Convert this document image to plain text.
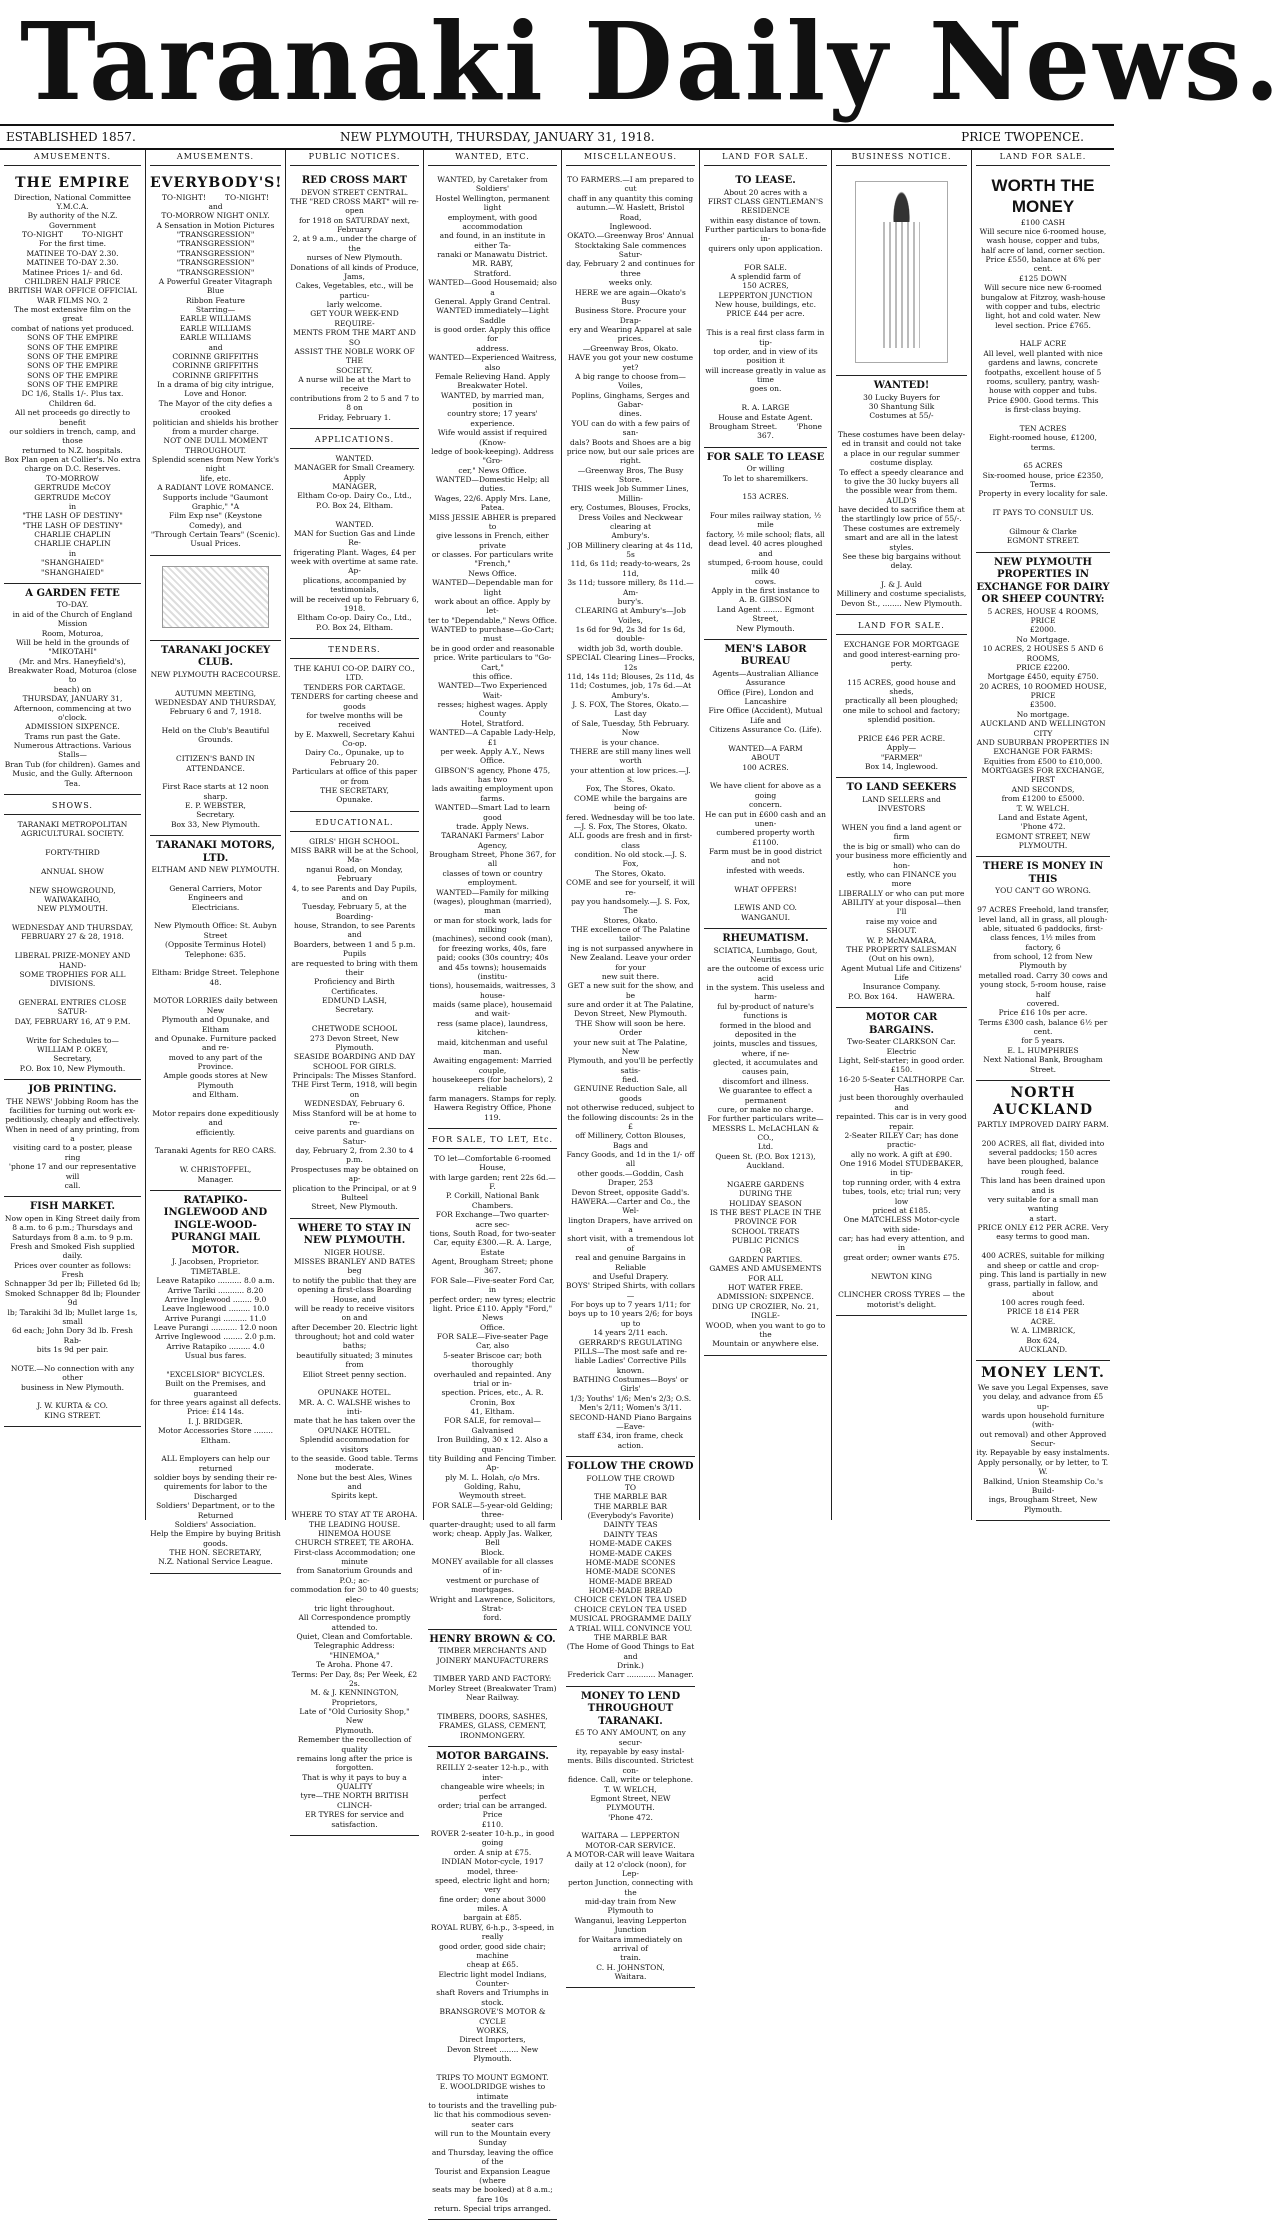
Taranaki Daily News.
ESTABLISHED 1857.	NEW PLYMOUTH, THURSDAY, JANUARY 31, 1918.	PRICE TWOPENCE.
AMUSEMENTS.
THE EMPIRE
Direction, National Committee Y.M.C.A.
By authority of the N.Z. Government
TO-NIGHT        TO-NIGHT
For the first time.
MATINEE TO-DAY 2.30.
MATINEE TO-DAY 2.30.
Matinee Prices 1/- and 6d.
CHILDREN HALF PRICE
BRITISH WAR OFFICE OFFICIAL
WAR FILMS NO. 2
The most extensive film on the great
combat of nations yet produced.
SONS OF THE EMPIRE
SONS OF THE EMPIRE
SONS OF THE EMPIRE
SONS OF THE EMPIRE
SONS OF THE EMPIRE
SONS OF THE EMPIRE
DC 1/6, Stalls 1/-. Plus tax.
Children 6d.
All net proceeds go directly to benefit
our soldiers in trench, camp, and those
returned to N.Z. hospitals.
Box Plan open at Collier's. No extra
charge on D.C. Reserves.
TO-MORROW
GERTRUDE McCOY
GERTRUDE McCOY
in
"THE LASH OF DESTINY"
"THE LASH OF DESTINY"
CHARLIE CHAPLIN
CHARLIE CHAPLIN
in
"SHANGHAIED"
"SHANGHAIED"
A GARDEN FETE
TO-DAY.
in aid of the Church of England Mission
Room, Moturoa,
Will be held in the grounds of
"MIKOTAHI"
(Mr. and Mrs. Haneyfield's),
Breakwater Road, Moturoa (close to
beach) on
THURSDAY, JANUARY 31,
Afternoon, commencing at two o'clock.
ADMISSION SIXPENCE.
Trams run past the Gate.
Numerous Attractions. Various Stalls—
Bran Tub (for children). Games and
Music, and the Gully. Afternoon Tea.
SHOWS.
TARANAKI METROPOLITAN
AGRICULTURAL SOCIETY.

FORTY-THIRD

ANNUAL SHOW

NEW SHOWGROUND, WAIWAKAIHO,
NEW PLYMOUTH.

WEDNESDAY AND THURSDAY,
FEBRUARY 27 & 28, 1918.

LIBERAL PRIZE-MONEY AND HAND-
SOME TROPHIES FOR ALL
DIVISIONS.

GENERAL ENTRIES CLOSE SATUR-
DAY, FEBRUARY 16, AT 9 P.M.

Write for Schedules to—
WILLIAM P. OKEY,
Secretary,
P.O. Box 10, New Plymouth.
JOB PRINTING.
THE NEWS' Jobbing Room has the
facilities for turning out work ex-
peditiously, cheaply and effectively.
When in need of any printing, from a
visiting card to a poster, please ring
'phone 17 and our representative will
call.
FISH MARKET.
Now open in King Street daily from
8 a.m. to 6 p.m.; Thursdays and
Saturdays from 8 a.m. to 9 p.m.
Fresh and Smoked Fish supplied daily.
Prices over counter as follows: Fresh
Schnapper 3d per lb; Filleted 6d lb;
Smoked Schnapper 8d lb; Flounder 9d
lb; Tarakihi 3d lb; Mullet large 1s, small
6d each; John Dory 3d lb. Fresh Rab-
bits 1s 9d per pair.

NOTE.—No connection with any other
business in New Plymouth.

J. W. KURTA & CO.
KING STREET.
AMUSEMENTS.
EVERYBODY'S!
TO-NIGHT!        TO-NIGHT!
and
TO-MORROW NIGHT ONLY.
A Sensation in Motion Pictures
"TRANSGRESSION"
"TRANSGRESSION"
"TRANSGRESSION"
"TRANSGRESSION"
"TRANSGRESSION"
A Powerful Greater Vitagraph Blue
Ribbon Feature
Starring—
EARLE WILLIAMS
EARLE WILLIAMS
EARLE WILLIAMS
and
CORINNE GRIFFITHS
CORINNE GRIFFITHS
CORINNE GRIFFITHS
In a drama of big city intrigue,
Love and Honor.
The Mayor of the city defies a crooked
politician and shields his brother
from a murder charge.
NOT ONE DULL MOMENT
THROUGHOUT.
Splendid scenes from New York's night
life, etc.
A RADIANT LOVE ROMANCE.
Supports include "Gaumont Graphic," "A
Film Exp nse" (Keystone Comedy), and
"Through Certain Tears" (Scenic).
Usual Prices.
TARANAKI JOCKEY CLUB.
NEW PLYMOUTH RACECOURSE.

AUTUMN MEETING,
WEDNESDAY AND THURSDAY,
February 6 and 7, 1918.

Held on the Club's Beautiful Grounds.

CITIZEN'S BAND IN ATTENDANCE.

First Race starts at 12 noon sharp.
E. P. WEBSTER,
Secretary.
Box 33, New Plymouth.
TARANAKI MOTORS, LTD.
ELTHAM AND NEW PLYMOUTH.

General Carriers, Motor Engineers and
Electricians.

New Plymouth Office: St. Aubyn Street
(Opposite Terminus Hotel)
Telephone: 635.

Eltham: Bridge Street. Telephone
48.

MOTOR LORRIES daily between New
Plymouth and Opunake, and Eltham
and Opunake. Furniture packed and re-
moved to any part of the Province.
Ample goods stores at New Plymouth
and Eltham.

Motor repairs done expeditiously and
efficiently.

Taranaki Agents for REO CARS.

W. CHRISTOFFEL,
Manager.
RATAPIKO-INGLEWOOD AND INGLE-WOOD-PURANGI MAIL MOTOR.
J. Jacobsen, Proprietor.
TIMETABLE.
Leave Ratapiko .......... 8.0 a.m.
Arrive Tariki ........... 8.20
Arrive Inglewood ........ 9.0
Leave Inglewood ......... 10.0
Arrive Purangi .......... 11.0
Leave Purangi ........... 12.0 noon
Arrive Inglewood ........ 2.0 p.m.
Arrive Ratapiko ......... 4.0
Usual bus fares.

"EXCELSIOR" BICYCLES.
Built on the Premises, and guaranteed
for three years against all defects.
Price: £14 14s.
I. J. BRIDGER.
Motor Accessories Store ........ Eltham.

ALL Employers can help our returned
soldier boys by sending their re-
quirements for labor to the Discharged
Soldiers' Department, or to the Returned
Soldiers' Association.
Help the Empire by buying British
goods.
THE HON. SECRETARY,
N.Z. National Service League.
PUBLIC NOTICES.
RED CROSS MART
DEVON STREET CENTRAL.
THE "RED CROSS MART" will re-open
for 1918 on SATURDAY next, February
2, at 9 a.m., under the charge of the
nurses of New Plymouth.
Donations of all kinds of Produce, Jams,
Cakes, Vegetables, etc., will be particu-
larly welcome.
GET YOUR WEEK-END REQUIRE-
MENTS FROM THE MART AND SO
ASSIST THE NOBLE WORK OF THE
SOCIETY.
A nurse will be at the Mart to receive
contributions from 2 to 5 and 7 to 8 on
Friday, February 1.
APPLICATIONS.
WANTED.
MANAGER for Small Creamery. Apply
MANAGER,
Eltham Co-op. Dairy Co., Ltd.,
P.O. Box 24, Eltham.

WANTED.
MAN for Suction Gas and Linde Re-
frigerating Plant. Wages, £4 per
week with overtime at same rate. Ap-
plications, accompanied by testimonials,
will be received up to February 6, 1918.
Eltham Co-op. Dairy Co., Ltd.,
P.O. Box 24, Eltham.
TENDERS.
THE KAHUI CO-OP. DAIRY CO., LTD.
TENDERS FOR CARTAGE.
TENDERS for carting cheese and goods
for twelve months will be received
by E. Maxwell, Secretary Kahui Co-op.
Dairy Co., Opunake, up to February 20.
Particulars at office of this paper or from
THE SECRETARY,
Opunake.
EDUCATIONAL.
GIRLS' HIGH SCHOOL.
MISS BARR will be at the School, Ma-
nganui Road, on Monday, February
4, to see Parents and Day Pupils, and on
Tuesday, February 5, at the Boarding-
house, Strandon, to see Parents and
Boarders, between 1 and 5 p.m. Pupils
are requested to bring with them their
Proficiency and Birth Certificates.
EDMUND LASH,
Secretary.

CHETWODE SCHOOL
273 Devon Street, New Plymouth.
SEASIDE BOARDING AND DAY
SCHOOL FOR GIRLS.
Principals: The Misses Stanford.
THE First Term, 1918, will begin on
WEDNESDAY, February 6.
Miss Stanford will be at home to re-
ceive parents and guardians on Satur-
day, February 2, from 2.30 to 4 p.m.
Prospectuses may be obtained on ap-
plication to the Principal, or at 9 Bulteel
Street, New Plymouth.
WHERE TO STAY IN NEW PLYMOUTH.
NIGER HOUSE.
MISSES BRANLEY AND BATES beg
to notify the public that they are
opening a first-class Boarding House, and
will be ready to receive visitors on and
after December 20. Electric light
throughout; hot and cold water baths;
beautifully situated; 3 minutes from
Elliot Street penny section.

OPUNAKE HOTEL.
MR. A. C. WALSHE wishes to inti-
mate that he has taken over the
OPUNAKE HOTEL.
Splendid accommodation for visitors
to the seaside. Good table. Terms
moderate.
None but the best Ales, Wines and
Spirits kept.

WHERE TO STAY AT TE AROHA.
THE LEADING HOUSE.
HINEMOA HOUSE
CHURCH STREET, TE AROHA.
First-class Accommodation; one minute
from Sanatorium Grounds and P.O.; ac-
commodation for 30 to 40 guests; elec-
tric light throughout.
All Correspondence promptly attended to.
Quiet, Clean and Comfortable.
Telegraphic Address: "HINEMOA,"
Te Aroha. Phone 47.
Terms: Per Day, 8s; Per Week, £2 2s.
M. & J. KENNINGTON, Proprietors,
Late of "Old Curiosity Shop," New
Plymouth.
Remember the recollection of quality
remains long after the price is forgotten.
That is why it pays to buy a QUALITY
tyre—THE NORTH BRITISH CLINCH-
ER TYRES for service and satisfaction.
WANTED, ETC.
WANTED, by Caretaker from Soldiers'
Hostel Wellington, permanent light
employment, with good accommodation
and found, in an institute in either Ta-
ranaki or Manawatu District.
MR. RABY,
Stratford.
WANTED—Good Housemaid; also a
General. Apply Grand Central.
WANTED immediately—Light Saddle
is good order. Apply this office for
address.
WANTED—Experienced Waitress, also
Female Relieving Hand. Apply
Breakwater Hotel.
WANTED, by married man, position in
country store; 17 years' experience.
Wife would assist if required (Know-
ledge of book-keeping). Address "Gro-
cer," News Office.
WANTED—Domestic Help; all duties.
Wages, 22/6. Apply Mrs. Lane,
Patea.
MISS JESSIE ABHER is prepared to
give lessons in French, either private
or classes. For particulars write "French,"
News Office.
WANTED—Dependable man for light
work about an office. Apply by let-
ter to "Dependable," News Office.
WANTED to purchase—Go-Cart; must
be in good order and reasonable
price. Write particulars to "Go-Cart,"
this office.
WANTED—Two Experienced Wait-
resses; highest wages. Apply County
Hotel, Stratford.
WANTED—A Capable Lady-Help, £1
per week. Apply A.Y., News Office.
GIBSON'S agency, Phone 475, has two
lads awaiting employment upon
farms.
WANTED—Smart Lad to learn good
trade. Apply News.
TARANAKI Farmers' Labor Agency,
Brougham Street, Phone 367, for all
classes of town or country employment.
WANTED—Family for milking
(wages), ploughman (married), man
or man for stock work, lads for milking
(machines), second cook (man),
for freezing works, 40s, fare
paid; cooks (30s country; 40s
and 45s towns); housemaids (institu-
tions), housemaids, waitresses, 3 house-
maids (same place), housemaid and wait-
ress (same place), laundress, kitchen-
maid, kitchenman and useful man.
Awaiting engagement: Married couple,
housekeepers (for bachelors), 2 reliable
farm managers. Stamps for reply.
Hawera Registry Office, Phone 119.
FOR SALE, TO LET, Etc.
TO let—Comfortable 6-roomed House,
with large garden; rent 22s 6d.—F.
P. Corkill, National Bank Chambers.
FOR Exchange—Two quarter-acre sec-
tions, South Road, for two-seater
Car, equity £300.—R. A. Large, Estate
Agent, Brougham Street; phone 367.
FOR Sale—Five-seater Ford Car, in
perfect order; new tyres; electric
light. Price £110. Apply "Ford," News
Office.
FOR SALE—Five-seater Page Car, also
5-seater Briscoe car; both thoroughly
overhauled and repainted. Any trial or in-
spection. Prices, etc., A. R. Cronin, Box
41, Eltham.
FOR SALE, for removal—Galvanised
Iron Building, 30 x 12. Also a quan-
tity Building and Fencing Timber. Ap-
ply M. L. Holah, c/o Mrs. Golding, Rahu,
Weymouth street.
FOR SALE—5-year-old Gelding; three-
quarter-draught; used to all farm
work; cheap. Apply Jas. Walker, Bell
Block.
MONEY available for all classes of in-
vestment or purchase of mortgages.
Wright and Lawrence, Solicitors, Strat-
ford.
HENRY BROWN & CO.
TIMBER MERCHANTS AND
JOINERY MANUFACTURERS

TIMBER YARD AND FACTORY:
Morley Street (Breakwater Tram)
Near Railway.

TIMBERS, DOORS, SASHES,
FRAMES, GLASS, CEMENT,
IRONMONGERY.
MOTOR BARGAINS.
REILLY 2-seater 12-h.p., with inter-
changeable wire wheels; in perfect
order; trial can be arranged. Price
£110.
ROVER 2-seater 10-h.p., in good going
order. A snip at £75.
INDIAN Motor-cycle, 1917 model, three-
speed, electric light and horn; very
fine order; done about 3000 miles. A
bargain at £85.
ROYAL RUBY, 6-h.p., 3-speed, in really
good order, good side chair; machine
cheap at £65.
Electric light model Indians, Counter-
shaft Rovers and Triumphs in stock.
BRANSGROVE'S MOTOR & CYCLE
WORKS,
Direct Importers,
Devon Street ........ New Plymouth.

TRIPS TO MOUNT EGMONT.
E. WOOLDRIDGE wishes to intimate
to tourists and the travelling pub-
lic that his commodious seven-seater cars
will run to the Mountain every Sunday
and Thursday, leaving the office of the
Tourist and Expansion League (where
seats may be booked) at 8 a.m.; fare 10s
return. Special trips arranged.
MISCELLANEOUS.
TO FARMERS.—I am prepared to cut
chaff in any quantity this coming
autumn.—W. Haslett, Bristol Road,
Inglewood.
OKATO.—Greenway Bros' Annual
Stocktaking Sale commences Satur-
day, February 2 and continues for three
weeks only.
HERE we are again—Okato's Busy
Business Store. Procure your Drap-
ery and Wearing Apparel at sale prices.
—Greenway Bros, Okato.
HAVE you got your new costume yet?
A big range to choose from—Voiles,
Poplins, Ginghams, Serges and Gabar-
dines.
YOU can do with a few pairs of san-
dals? Boots and Shoes are a big
price now, but our sale prices are right.
—Greenway Bros, The Busy Store.
THIS week Job Summer Lines, Millin-
ery, Costumes, Blouses, Frocks,
Dress Voiles and Neckwear clearing at
Ambury's.
JOB Millinery clearing at 4s 11d, 5s
11d, 6s 11d; ready-to-wears, 2s 11d,
3s 11d; tussore millery, 8s 11d.—Am-
bury's.
CLEARING at Ambury's—Job Voiles,
1s 6d for 9d, 2s 3d for 1s 6d, double-
width job 3d, worth double.
SPECIAL Clearing Lines—Frocks, 12s
11d, 14s 11d; Blouses, 2s 11d, 4s
11d; Costumes, job, 17s 6d.—At Ambury's.
J. S. FOX, The Stores, Okato.—Last day
of Sale, Tuesday, 5th February. Now
is your chance.
THERE are still many lines well worth
your attention at low prices.—J. S.
Fox, The Stores, Okato.
COME while the bargains are being of-
fered. Wednesday will be too late.
—J. S. Fox, The Stores, Okato.
ALL goods are fresh and in first-class
condition. No old stock.—J. S. Fox,
The Stores, Okato.
COME and see for yourself, it will re-
pay you handsomely.—J. S. Fox, The
Stores, Okato.
THE excellence of The Palatine tailor-
ing is not surpassed anywhere in
New Zealand. Leave your order for your
new suit there.
GET a new suit for the show, and be
sure and order it at The Palatine,
Devon Street, New Plymouth.
THE Show will soon be here. Order
your new suit at The Palatine, New
Plymouth, and you'll be perfectly satis-
fied.
GENUINE Reduction Sale, all goods
not otherwise reduced, subject to
the following discounts: 2s in the £
off Millinery, Cotton Blouses, Bags and
Fancy Goods, and 1d in the 1/- off all
other goods.—Goddin, Cash Draper, 253
Devon Street, opposite Gadd's.
HAWERA.—Carter and Co., the Wel-
lington Drapers, have arrived on a
short visit, with a tremendous lot of
real and genuine Bargains in Reliable
and Useful Drapery.
BOYS' Striped Shirts, with collars—
For boys up to 7 years 1/11; for
boys up to 10 years 2/6; for boys up to
14 years 2/11 each.
GERRARD'S REGULATING
PILLS—The most safe and re-
liable Ladies' Corrective Pills known.
BATHING Costumes—Boys' or Girls'
1/3; Youths' 1/6; Men's 2/3; O.S.
Men's 2/11; Women's 3/11.
SECOND-HAND Piano Bargains—Eave-
staff £34, iron frame, check action.
FOLLOW THE CROWD
FOLLOW THE CROWD
TO
THE MARBLE BAR
THE MARBLE BAR
(Everybody's Favorite)
DAINTY TEAS
DAINTY TEAS
HOME-MADE CAKES
HOME-MADE CAKES
HOME-MADE SCONES
HOME-MADE SCONES
HOME-MADE BREAD
HOME-MADE BREAD
CHOICE CEYLON TEA USED
CHOICE CEYLON TEA USED
MUSICAL PROGRAMME DAILY
A TRIAL WILL CONVINCE YOU.
THE MARBLE BAR
(The Home of Good Things to Eat and
Drink.)
Frederick Carr ............ Manager.
MONEY TO LEND THROUGHOUT TARANAKI.
£5 TO ANY AMOUNT, on any secur-
ity, repayable by easy instal-
ments. Bills discounted. Strictest con-
fidence. Call, write or telephone.
T. W. WELCH,
Egmont Street, NEW PLYMOUTH.
'Phone 472.

WAITARA — LEPPERTON
MOTOR-CAR SERVICE.
A MOTOR-CAR will leave Waitara
daily at 12 o'clock (noon), for Lep-
perton Junction, connecting with the
mid-day train from New Plymouth to
Wanganui, leaving Lepperton Junction
for Waitara immediately on arrival of
train.
C. H. JOHNSTON,
Waitara.
LAND FOR SALE.
TO LEASE.
About 20 acres with a
FIRST CLASS GENTLEMAN'S
RESIDENCE
within easy distance of town.
Further particulars to bona-fide in-
quirers only upon application.

FOR SALE.
A splendid farm of
150 ACRES,
LEPPERTON JUNCTION
New house, buildings, etc.
PRICE £44 per acre.

This is a real first class farm in tip-
top order, and in view of its position it
will increase greatly in value as time
goes on.

R. A. LARGE
House and Estate Agent.
Brougham Street.        'Phone 367.
FOR SALE TO LEASE
Or willing
To let to sharemilkers.

153 ACRES.

Four miles railway station, ½ mile
factory, ½ mile school; flats, all
dead level. 40 acres ploughed and
stumped, 6-room house, could milk 40
cows.
Apply in the first instance to
A. B. GIBSON
Land Agent ........ Egmont Street,
New Plymouth.
MEN'S LABOR BUREAU
Agents—Australian Alliance Assurance
Office (Fire), London and Lancashire
Fire Office (Accident), Mutual Life and
Citizens Assurance Co. (Life).

WANTED—A FARM
ABOUT
100 ACRES.

We have client for above as a going
concern.
He can put in £600 cash and an unen-
cumbered property worth £1100.
Farm must be in good district and not
infested with weeds.

WHAT OFFERS!

LEWIS AND CO.
WANGANUI.
RHEUMATISM.
SCIATICA, Lumbago, Gout, Neuritis
are the outcome of excess uric acid
in the system. This useless and harm-
ful by-product of nature's functions is
formed in the blood and deposited in the
joints, muscles and tissues, where, if ne-
glected, it accumulates and causes pain,
discomfort and illness.
We guarantee to effect a permanent
cure, or make no charge.
For further particulars write—
MESSRS L. McLACHLAN & CO.,
Ltd.
Queen St. (P.O. Box 1213), Auckland.

NGAERE GARDENS
DURING THE
HOLIDAY SEASON
IS THE BEST PLACE IN THE
PROVINCE FOR
SCHOOL TREATS
PUBLIC PICNICS
OR
GARDEN PARTIES.
GAMES AND AMUSEMENTS FOR ALL
HOT WATER FREE.
ADMISSION: SIXPENCE.
DING UP CROZIER, No. 21, INGLE-
WOOD, when you want to go to the
Mountain or anywhere else.
BUSINESS NOTICE.
WANTED!
30 Lucky Buyers for
30 Shantung Silk
Costumes at 55/-

These costumes have been delay-
ed in transit and could not take
a place in our regular summer
costume display.
To effect a speedy clearance and
to give the 30 lucky buyers all
the possible wear from them.
AULD'S
have decided to sacrifice them at
the startlingly low price of 55/-.
These costumes are extremely
smart and are all in the latest
styles.
See these big bargains without
delay.

J. & J. Auld
Millinery and costume specialists,
Devon St., ........ New Plymouth.
LAND FOR SALE.
EXCHANGE FOR MORTGAGE
and good interest-earning pro-
perty.

115 ACRES, good house and sheds,
practically all been ploughed;
one mile to school and factory;
splendid position.

PRICE £46 PER ACRE.
Apply—
"FARMER"
Box 14, Inglewood.
TO LAND SEEKERS
LAND SELLERS and
INVESTORS

WHEN you find a land agent or firm
the is big or small) who can do
your business more efficiently and hon-
estly, who can FINANCE you more
LIBERALLY or who can put more
ABILITY at your disposal—then I'll
raise my voice and
SHOUT.
W. P. McNAMARA,
THE PROPERTY SALESMAN
(Out on his own),
Agent Mutual Life and Citizens' Life
Insurance Company.
P.O. Box 164.        HAWERA.
MOTOR CAR BARGAINS.
Two-Seater CLARKSON Car. Electric
Light, Self-starter; in good order.
£150.
16-20 5-Seater CALTHORPE Car. Has
just been thoroughly overhauled and
repainted. This car is in very good
repair.
2-Seater RILEY Car; has done practic-
ally no work. A gift at £90.
One 1916 Model STUDEBAKER, in tip-
top running order, with 4 extra
tubes, tools, etc; trial run; very low
priced at £185.
One MATCHLESS Motor-cycle with side-
car; has had every attention, and in
great order; owner wants £75.

NEWTON KING

CLINCHER CROSS TYRES — the
motorist's delight.
LAND FOR SALE.
WORTH THE MONEY
£100 CASH
Will secure nice 6-roomed house,
wash house, copper and tubs,
half acre of land, corner section.
Price £550, balance at 6% per
cent.
£125 DOWN
Will secure nice new 6-roomed
bungalow at Fitzroy, wash-house
with copper and tubs, electric
light, hot and cold water. New
level section. Price £765.

HALF ACRE
All level, well planted with nice
gardens and lawns, concrete
footpaths, excellent house of 5
rooms, scullery, pantry, wash-
house with copper and tubs.
Price £900. Good terms. This
is first-class buying.

TEN ACRES
Eight-roomed house, £1200,
terms.

65 ACRES
Six-roomed house, price £2350,
Terms.
Property in every locality for sale.

IT PAYS TO CONSULT US.

Gilmour & Clarke
EGMONT STREET.
NEW PLYMOUTH PROPERTIES IN EXCHANGE FOR DAIRY OR SHEEP COUNTRY:
5 ACRES, HOUSE 4 ROOMS, PRICE
£2000.
No Mortgage.
10 ACRES, 2 HOUSES 5 AND 6 ROOMS,
PRICE £2200.
Mortgage £450, equity £750.
20 ACRES, 10 ROOMED HOUSE, PRICE
£3500.
No mortgage.
AUCKLAND AND WELLINGTON CITY
AND SUBURBAN PROPERTIES IN
EXCHANGE FOR FARMS:
Equities from £500 to £10,000.
MORTGAGES FOR EXCHANGE, FIRST
AND SECONDS,
from £1200 to £5000.
T. W. WELCH.
Land and Estate Agent,        'Phone 472.
EGMONT STREET, NEW PLYMOUTH.
THERE IS MONEY IN THIS
YOU CAN'T GO WRONG.

97 ACRES Freehold, land transfer,
level land, all in grass, all plough-
able, situated 6 paddocks, first-
class fences, 1½ miles from factory, 6
from school, 12 from New Plymouth by
metalled road. Carry 30 cows and
young stock, 5-room house, raise half
covered.
Price £16 10s per acre.
Terms £300 cash, balance 6½ per cent.
for 5 years.
E. L. HUMPHRIES
Next National Bank, Brougham Street.
NORTH AUCKLAND
PARTLY IMPROVED DAIRY FARM.

200 ACRES, all flat, divided into
several paddocks; 150 acres
have been ploughed, balance rough feed.
This land has been drained upon and is
very suitable for a small man wanting
a start.
PRICE ONLY £12 PER ACRE. Very
easy terms to good man.

400 ACRES, suitable for milking
and sheep or cattle and crop-
ping. This land is partially in new
grass, partially in fallow, and about
100 acres rough feed.
PRICE 18 £14 PER
ACRE.
W. A. LIMBRICK,
Box 624,
AUCKLAND.
MONEY LENT.
We save you Legal Expenses, save
you delay, and advance from £5 up-
wards upon household furniture (with-
out removal) and other Approved Secur-
ity. Repayable by easy instalments.
Apply personally, or by letter, to T. W.
Balkind, Union Steamship Co.'s Build-
ings, Brougham Street, New Plymouth.
